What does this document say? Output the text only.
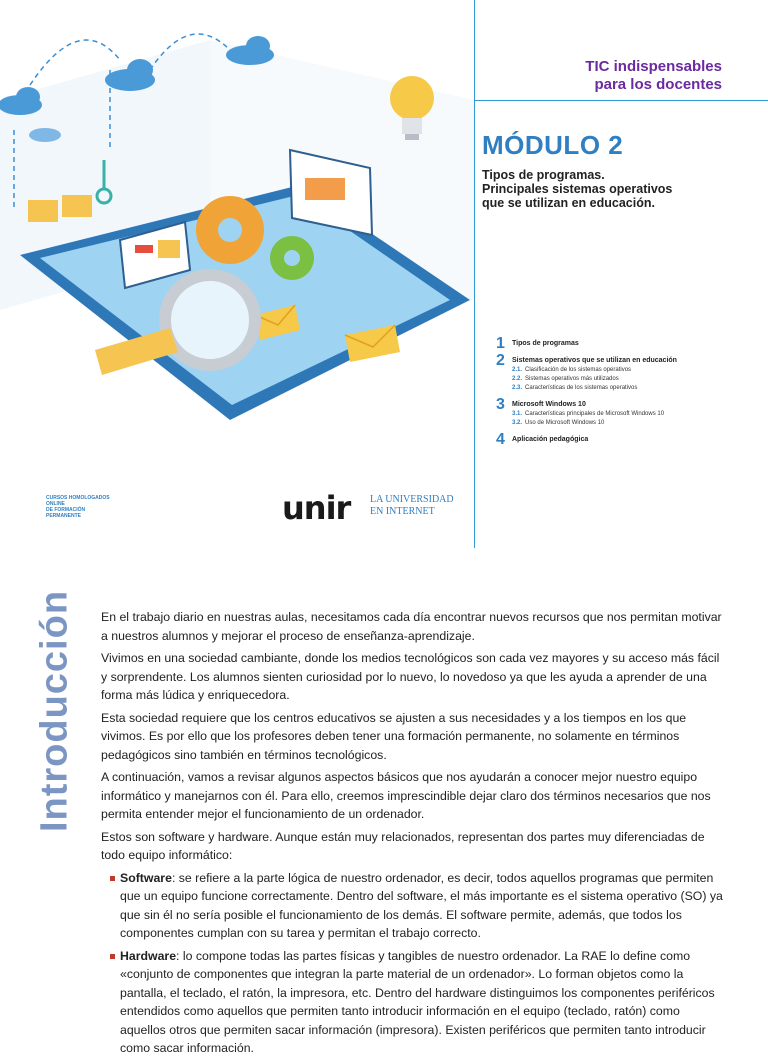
TIC indispensables
para los docentes
MÓDULO 2
Tipos de programas.
Principales sistemas operativos
que se utilizan en educación.
1 Tipos de programas
2 Sistemas operativos que se utilizan en educación
2.1. Clasificación de los sistemas operativos
2.2. Sistemas operativos más utilizados
2.3. Características de los sistemas operativos
3 Microsoft Windows 10
3.1. Características principales de Microsoft Windows 10
3.2. Uso de Microsoft Windows 10
4 Aplicación pedagógica
CURSOS HOMOLOGADOS
ONLINE
DE FORMACIÓN
PERMANENTE	unir LA UNIVERSIDAD
EN INTERNET
Introducción En el trabajo diario en nuestras aulas, necesitamos cada día encontrar nuevos recursos que nos permitan motivar a nuestros alumnos y mejorar el proceso de enseñanza-aprendizaje.

Vivimos en una sociedad cambiante, donde los medios tecnológicos son cada vez mayores y su acceso más fácil y sorprendente. Los alumnos sienten curiosidad por lo nuevo, lo novedoso ya que les ayuda a aprender de una forma más lúdica y enriquecedora.

Esta sociedad requiere que los centros educativos se ajusten a sus necesidades y a los tiempos en los que vivimos. Es por ello que los profesores deben tener una formación permanente, no solamente en términos pedagógicos sino también en términos tecnológicos.

A continuación, vamos a revisar algunos aspectos básicos que nos ayudarán a conocer mejor nuestro equipo informático y manejarnos con él. Para ello, creemos imprescindible dejar claro dos términos necesarios que nos permita entender mejor el funcionamiento de un ordenador.

Estos son software y hardware. Aunque están muy relacionados, representan dos partes muy diferenciadas de todo equipo informático:

Software: se refiere a la parte lógica de nuestro ordenador, es decir, todos aquellos programas que permiten que un equipo funcione correctamente. Dentro del software, el más importante es el sistema operativo (SO) ya que sin él no sería posible el funcionamiento de los demás. El software permite, además, que todos los componentes cumplan con su tarea y permitan el trabajo correcto.
Hardware: lo compone todas las partes físicas y tangibles de nuestro ordenador. La RAE lo define como «conjunto de componentes que integran la parte material de un ordenador». Lo forman objetos como la pantalla, el teclado, el ratón, la impresora, etc. Dentro del hardware distinguimos los componentes periféricos entendidos como aquellos que permiten tanto introducir información en el equipo (teclado, ratón) como aquellos otros que permiten sacar información (impresora). Existen periféricos que permiten tanto introducir como sacar información.
